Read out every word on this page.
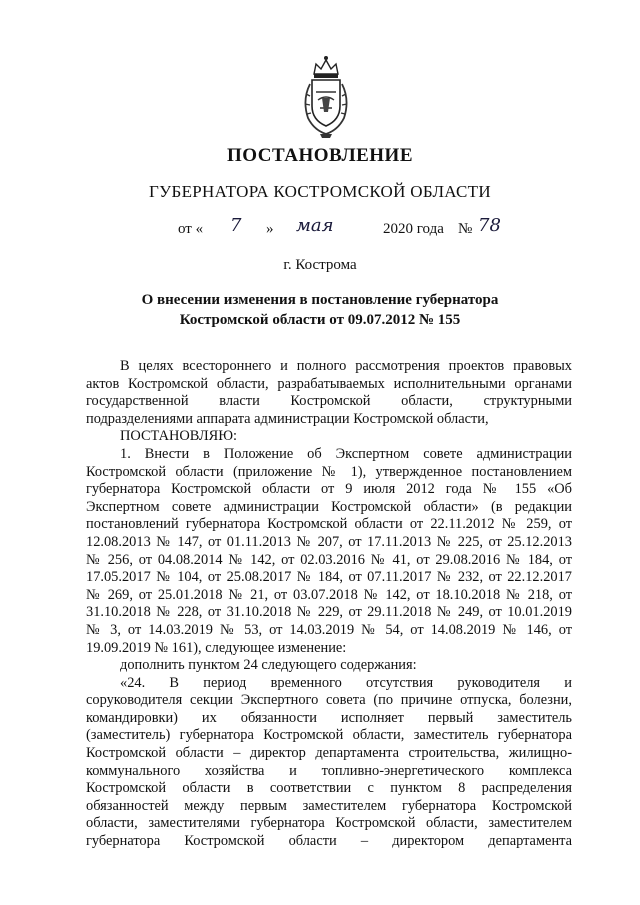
ПОСТАНОВЛЕНИЕ
ГУБЕРНАТОРА КОСТРОМСКОЙ ОБЛАСТИ
от « 7 » мая	2020 года № 78
г. Кострома
О внесении изменения в постановление губернатора
Костромской области от 09.07.2012 № 155

В целях всестороннего и полного рассмотрения проектов правовых

актов Костромской области, разрабатываемых исполнительными органами

государственной власти Костромской области, структурными

подразделениями аппарата администрации Костромской области,

ПОСТАНОВЛЯЮ:

1. Внести в Положение об Экспертном совете администрации

Костромской области (приложение № 1), утвержденное постановлением

губернатора Костромской области от 9 июля 2012 года № 155 «Об

Экспертном совете администрации Костромской области» (в редакции

постановлений губернатора Костромской области от 22.11.2012 № 259, от

12.08.2013 № 147, от 01.11.2013 № 207, от 17.11.2013 № 225, от 25.12.2013

№ 256, от 04.08.2014 № 142, от 02.03.2016 № 41, от 29.08.2016 № 184, от

17.05.2017 № 104, от 25.08.2017 № 184, от 07.11.2017 № 232, от 22.12.2017

№ 269, от 25.01.2018 № 21, от 03.07.2018 № 142, от 18.10.2018 № 218, от

31.10.2018 № 228, от 31.10.2018 № 229, от 29.11.2018 № 249, от 10.01.2019

№ 3, от 14.03.2019 № 53, от 14.03.2019 № 54, от 14.08.2019 № 146, от

19.09.2019 № 161), следующее изменение:

дополнить пунктом 24 следующего содержания:

«24. В период временного отсутствия руководителя и

соруководителя секции Экспертного совета (по причине отпуска, болезни,

командировки) их обязанности исполняет первый заместитель

(заместитель) губернатора Костромской области, заместитель губернатора

Костромской области – директор департамента строительства, жилищно-

коммунального хозяйства и топливно-энергетического комплекса

Костромской области в соответствии с пунктом 8 распределения

обязанностей между первым заместителем губернатора Костромской

области, заместителями губернатора Костромской области, заместителем

губернатора Костромской области – директором департамента
